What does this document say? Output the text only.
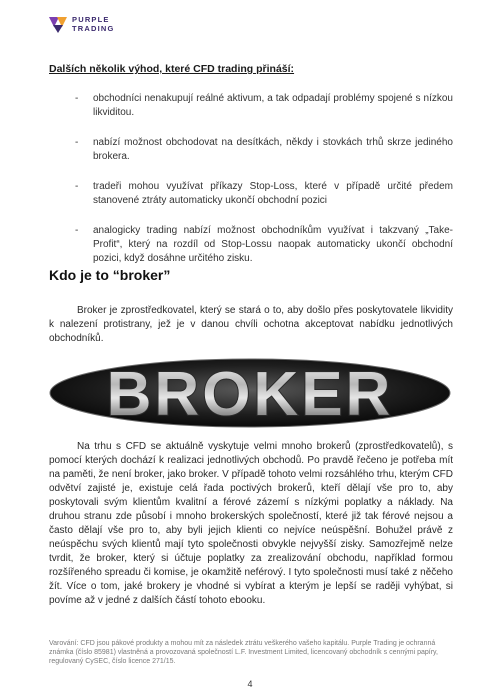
PURPLE
TRADING
Dalších několik výhod, které CFD trading přináší:
- obchodníci nenakupují reálné aktivum, a tak odpadají problémy spojené s nízkou likviditou.
- nabízí možnost obchodovat na desítkách, někdy i stovkách trhů skrze jediného brokera.
- tradeři mohou využívat příkazy Stop-Loss, které v případě určité předem stanovené ztráty automaticky ukončí obchodní pozici
- analogicky trading nabízí možnost obchodníkům využívat i takzvaný „Take-Profit“, který na rozdíl od Stop-Lossu naopak automaticky ukončí obchodní pozici, když dosáhne určitého zisku.
Kdo je to “broker”

Broker je zprostředkovatel, který se stará o to, aby došlo přes poskytovatele likvidity k nalezení protistrany, jež je v danou chvíli ochotna akceptovat nabídku jednotlivých obchodníků.

BROKER

Na trhu s CFD se aktuálně vyskytuje velmi mnoho brokerů (zprostředkovatelů), s pomocí kterých dochází k realizaci jednotlivých obchodů. Po pravdě řečeno je potřeba mít na paměti, že není broker, jako broker. V případě tohoto velmi rozsáhlého trhu, kterým CFD odvětví zajisté je, existuje celá řada poctivých brokerů, kteří dělají vše pro to, aby poskytovali svým klientům kvalitní a férové zázemí s nízkými poplatky a náklady. Na druhou stranu zde působí i mnoho brokerských společností, které již tak férové nejsou a často dělají vše pro to, aby byli jejich klienti co nejvíce neúspěšní. Bohužel právě z neúspěchu svých klientů mají tyto společnosti obvykle nejvyšší zisky. Samozřejmě nelze tvrdit, že broker, který si účtuje poplatky za zrealizování obchodu, například formou rozšířeného spreadu či komise, je okamžitě neférový. I tyto společnosti musí také z něčeho žít. Více o tom, jaké brokery je vhodné si vybírat a kterým je lepší se raději vyhýbat, si povíme až v jedné z dalších částí tohoto ebooku.

Varování: CFD jsou pákové produkty a mohou mít za následek ztrátu veškerého vašeho kapitálu. Purple Trading je ochranná známka (číslo 85981) vlastněná a provozovaná společností L.F. Investment Limited, licencovaný obchodník s cennými papíry, regulovaný CySEC, číslo licence 271/15.
4
